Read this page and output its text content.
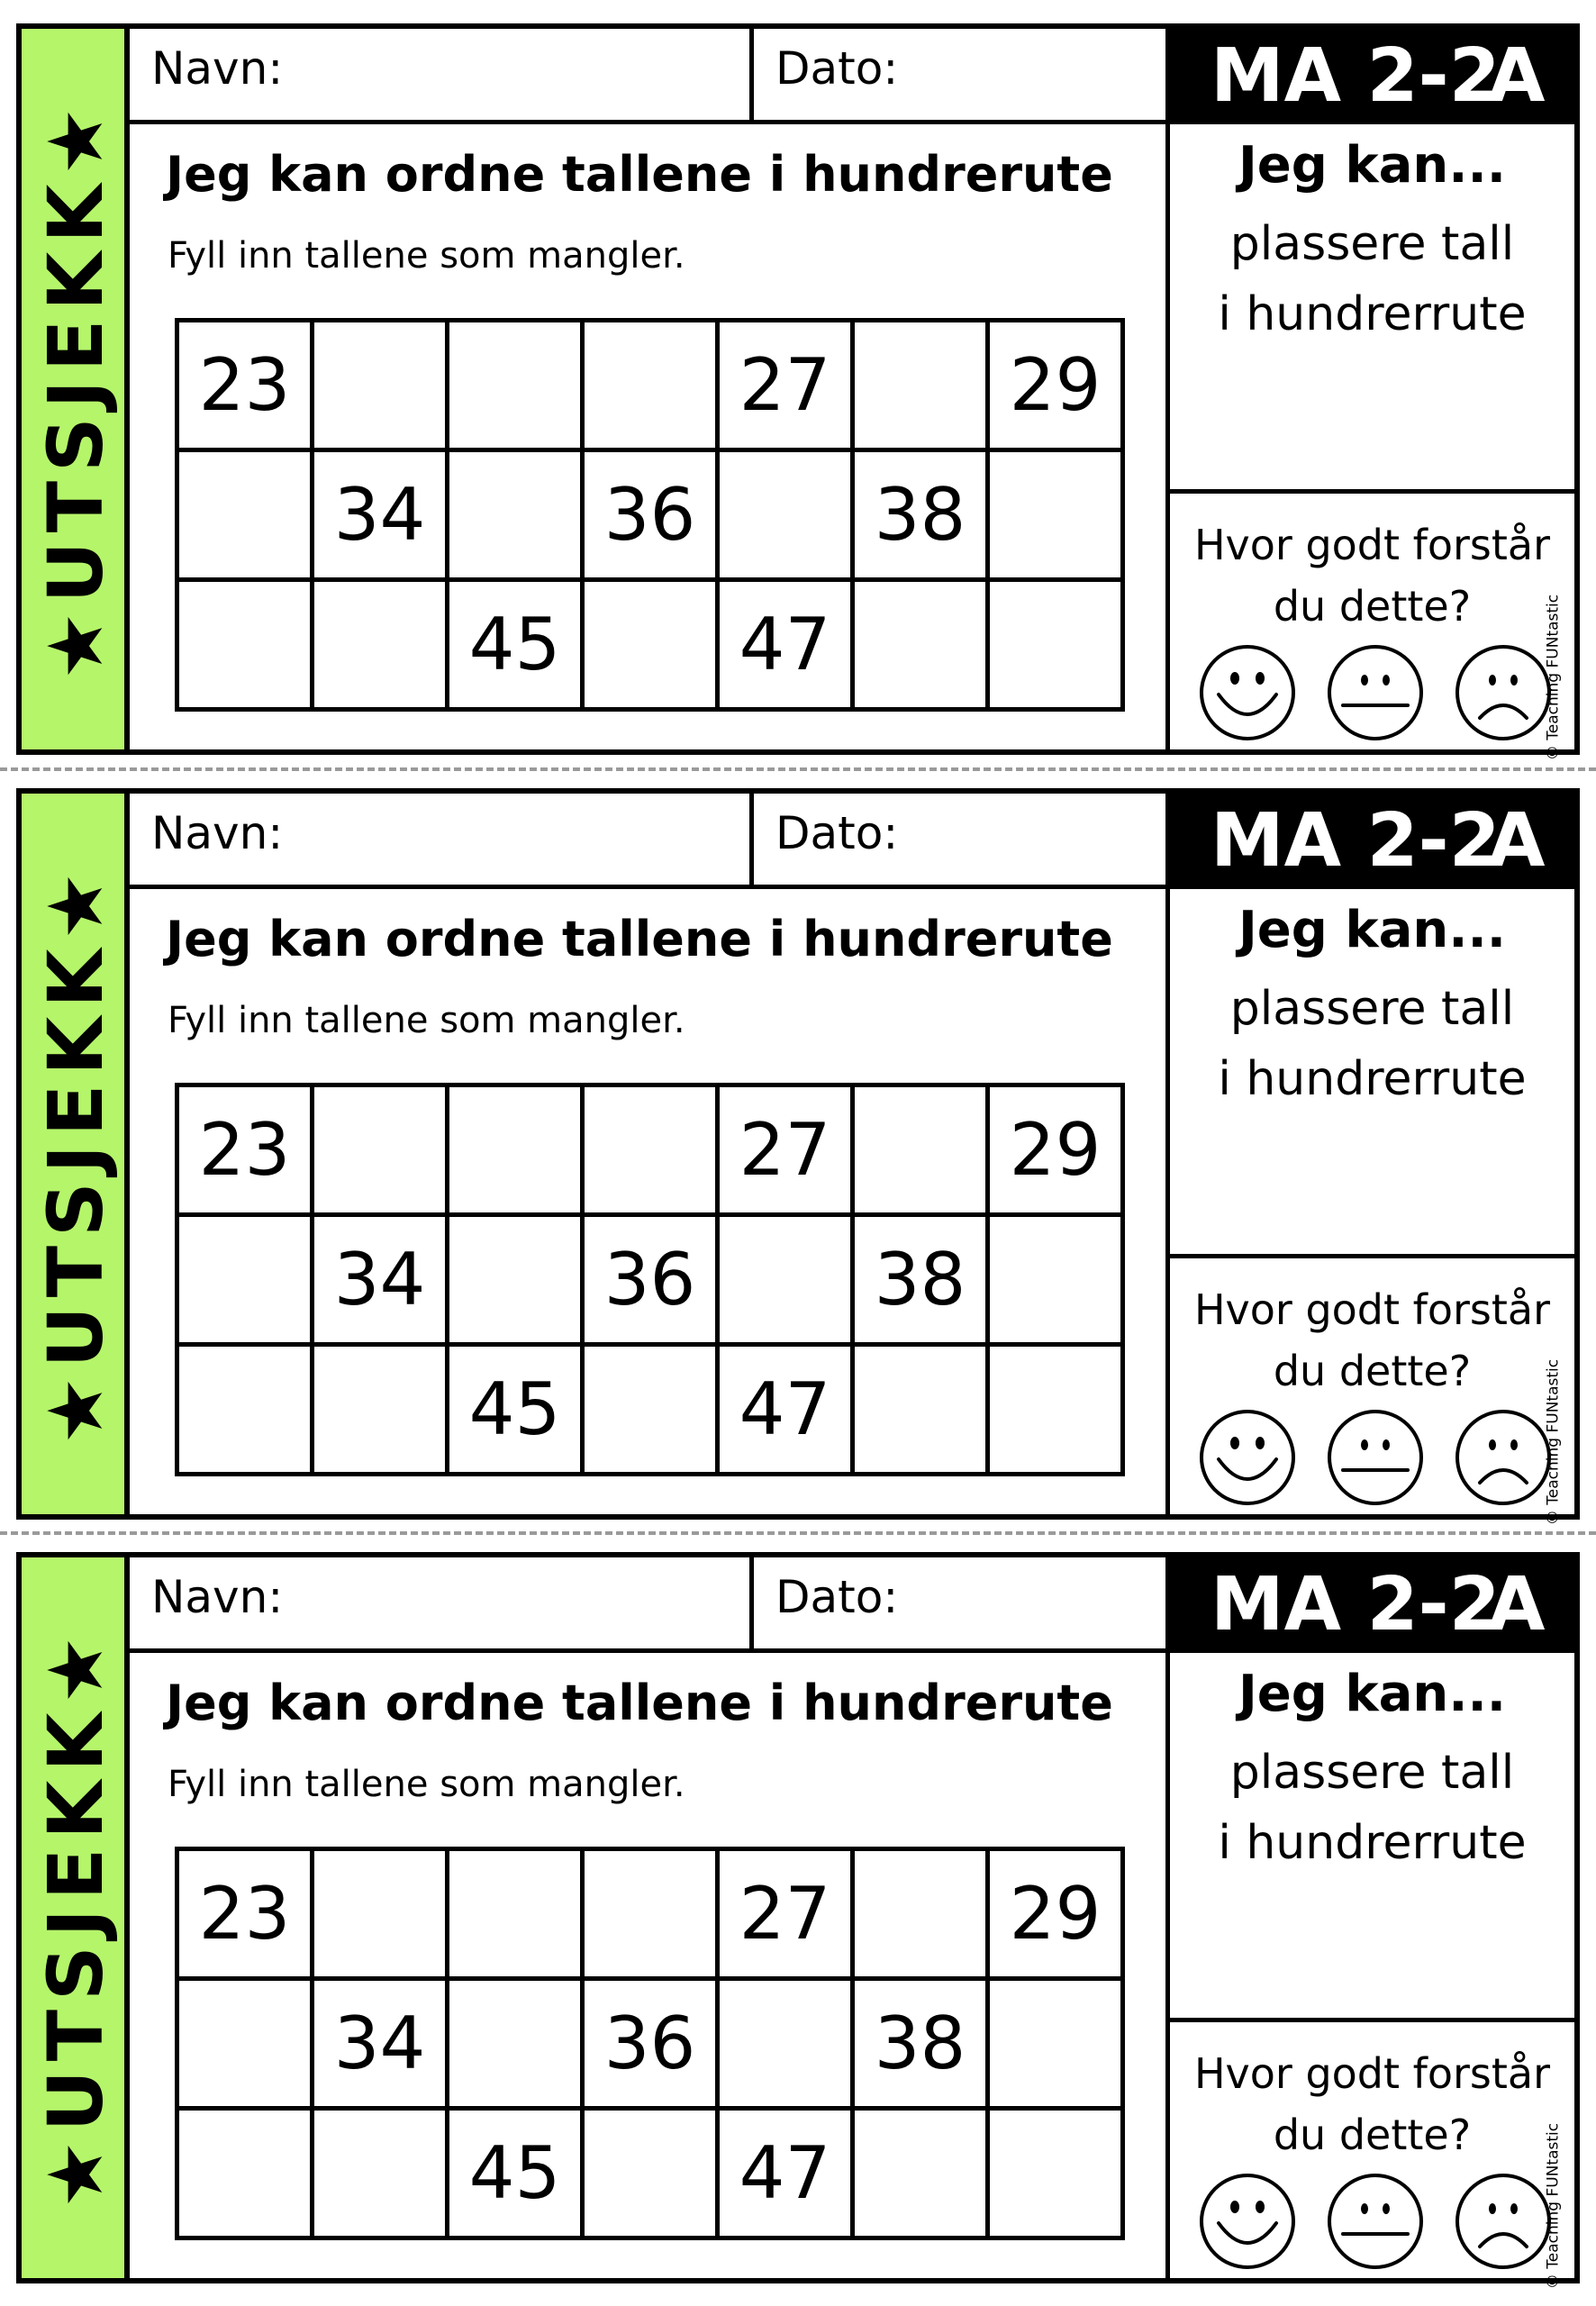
★UTSJEKK★
Navn:	Dato:	MA 2-2
A
Jeg kan ordne tallene i hundrerute
Fyll inn tallene som mangler.
23				27		29
	34		36		38	
		45		47		
Jeg kan...
plassere tall
i hundrerrute
Hvor godt forstår
du dette?	© Teaching FUNtastic
★UTSJEKK★
Navn:	Dato:	MA 2-2
A
Jeg kan ordne tallene i hundrerute
Fyll inn tallene som mangler.
23				27		29
	34		36		38	
		45		47		
Jeg kan...
plassere tall
i hundrerrute
Hvor godt forstår
du dette?	© Teaching FUNtastic
★UTSJEKK★
Navn:	Dato:	MA 2-2
A
Jeg kan ordne tallene i hundrerute
Fyll inn tallene som mangler.
23				27		29
	34		36		38	
		45		47		
Jeg kan...
plassere tall
i hundrerrute
Hvor godt forstår
du dette?	© Teaching FUNtastic
